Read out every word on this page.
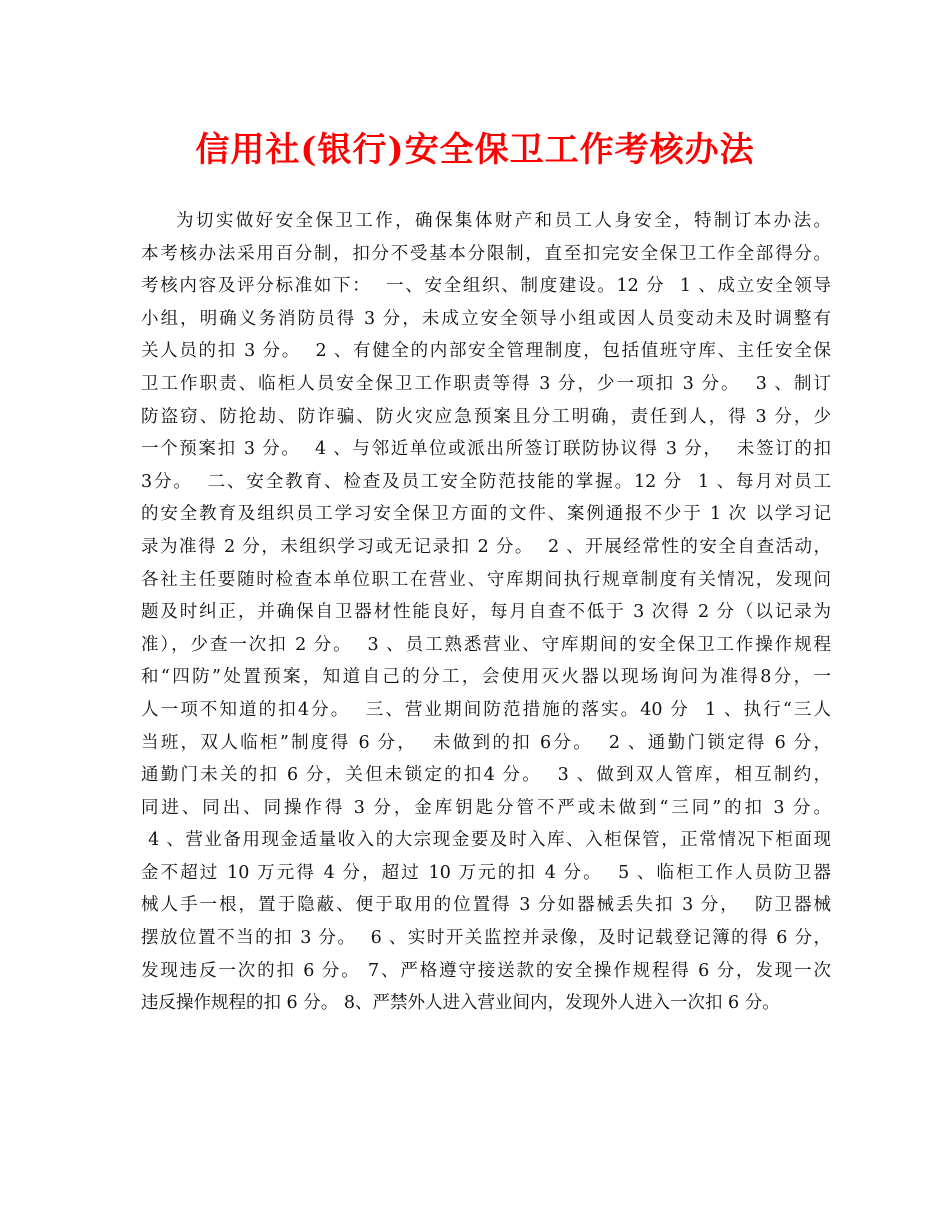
信用社(银行)安全保卫工作考核办法
为切实做好安全保卫工作，确保集体财产和员工人身安全，特制订本办法。
本考核办法采用百分制，扣分不受基本分限制，直至扣完安全保卫工作全部得分。
考核内容及评分标准如下：  一、安全组织、制度建设。12 分  1 、成立安全领导
小组，明确义务消防员得 3 分，未成立安全领导小组或因人员变动未及时调整有
关人员的扣 3 分。  2 、有健全的内部安全管理制度，包括值班守库、主任安全保
卫工作职责、临柜人员安全保卫工作职责等得 3 分，少一项扣 3 分。  3 、制订
防盗窃、防抢劫、防诈骗、防火灾应急预案且分工明确，责任到人，得 3 分，少
一个预案扣 3 分。  4 、与邻近单位或派出所签订联防协议得 3 分，  未签订的扣
3分。  二、安全教育、检查及员工安全防范技能的掌握。12 分  1 、每月对员工
的安全教育及组织员工学习安全保卫方面的文件、案例通报不少于 1 次 以学习记
录为准得 2 分，未组织学习或无记录扣 2 分。  2 、开展经常性的安全自查活动，
各社主任要随时检查本单位职工在营业、守库期间执行规章制度有关情况，发现问
题及时纠正，并确保自卫器材性能良好，每月自查不低于 3 次得 2 分（以记录为
准），少查一次扣 2 分。  3 、员工熟悉营业、守库期间的安全保卫工作操作规程
和“四防”处置预案，知道自己的分工，会使用灭火器以现场询问为准得8分，一
人一项不知道的扣4分。  三、营业期间防范措施的落实。40 分  1 、执行“三人
当班，双人临柜”制度得 6 分，  未做到的扣 6分。  2 、通勤门锁定得 6 分，
通勤门未关的扣 6 分，关但未锁定的扣4 分。  3 、做到双人管库，相互制约，
同进、同出、同操作得 3 分，金库钥匙分管不严或未做到“三同”的扣 3 分。
4 、营业备用现金适量收入的大宗现金要及时入库、入柜保管，正常情况下柜面现
金不超过 10 万元得 4 分，超过 10 万元的扣 4 分。  5 、临柜工作人员防卫器
械人手一根，置于隐蔽、便于取用的位置得 3 分如器械丢失扣 3 分，  防卫器械
摆放位置不当的扣 3 分。  6 、实时开关监控并录像，及时记载登记簿的得 6 分，
发现违反一次的扣 6 分。 7、严格遵守接送款的安全操作规程得 6 分，发现一次
违反操作规程的扣 6 分。 8、严禁外人进入营业间内，发现外人进入一次扣 6 分。
